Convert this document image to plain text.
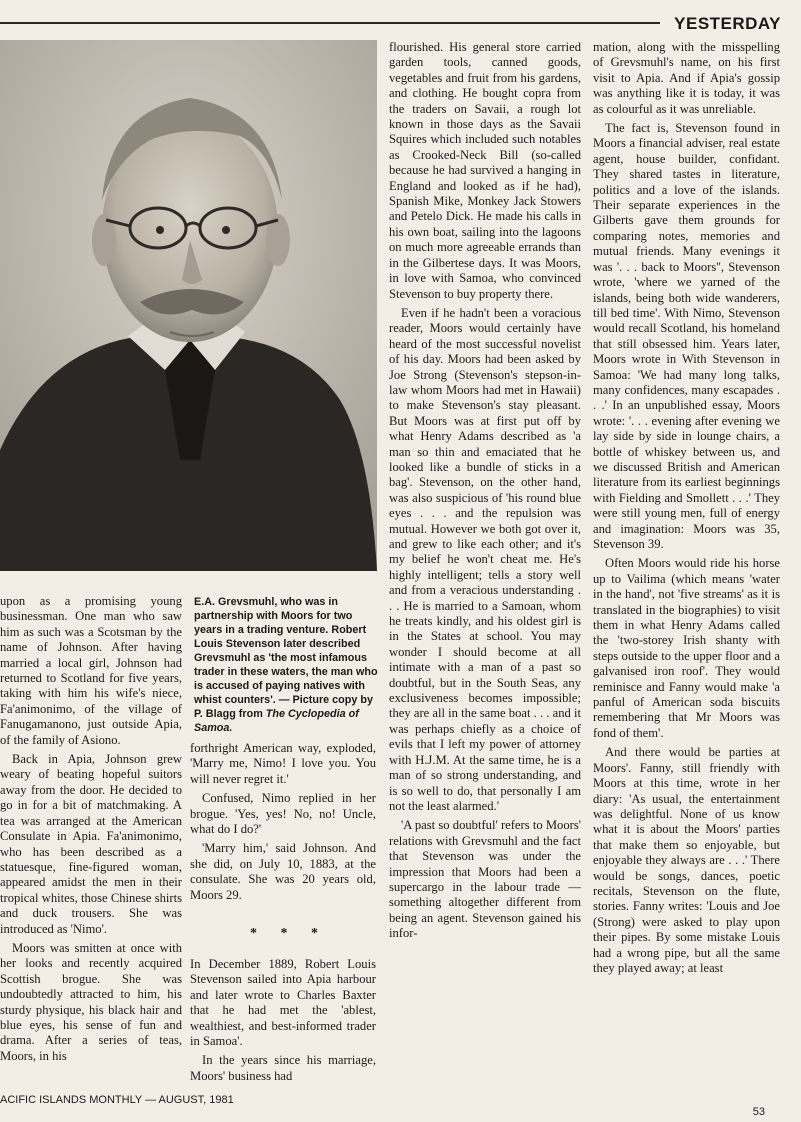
YESTERDAY

upon as a promising young businessman. One man who saw him as such was a Scotsman by the name of Johnson. After having married a local girl, Johnson had returned to Scotland for five years, taking with him his wife's niece, Fa'animonimo, of the village of Fanugamanono, just outside Apia, of the family of Asiono.

Back in Apia, Johnson grew weary of beating hopeful suitors away from the door. He decided to go in for a bit of matchmaking. A tea was arranged at the American Consulate in Apia. Fa'animonimo, who has been described as a statuesque, fine-figured woman, appeared amidst the men in their tropical whites, those Chinese shirts and duck trousers. She was introduced as 'Nimo'.

Moors was smitten at once with her looks and recently acquired Scottish brogue. She was undoubtedly attracted to him, his sturdy physique, his black hair and blue eyes, his sense of fun and drama. After a series of teas, Moors, in his

E.A. Grevsmuhl, who was in partnership with Moors for two years in a trading venture. Robert Louis Stevenson later described Grevsmuhl as 'the most infamous trader in these waters, the man who is accused of paying natives with whist counters'. — Picture copy by P. Blagg from The Cyclopedia of Samoa.

forthright American way, exploded, 'Marry me, Nimo! I love you. You will never regret it.'

Confused, Nimo replied in her brogue. 'Yes, yes! No, no! Uncle, what do I do?'

'Marry him,' said Johnson. And she did, on July 10, 1883, at the consulate. She was 20 years old, Moors 29.

* * *

In December 1889, Robert Louis Stevenson sailed into Apia harbour and later wrote to Charles Baxter that he had met the 'ablest, wealthiest, and best-informed trader in Samoa'.

In the years since his marriage, Moors' business had

flourished. His general store carried garden tools, canned goods, vegetables and fruit from his gardens, and clothing. He bought copra from the traders on Savaii, a rough lot known in those days as the Savaii Squires which included such notables as Crooked-Neck Bill (so-called because he had survived a hanging in England and looked as if he had), Spanish Mike, Monkey Jack Stowers and Petelo Dick. He made his calls in his own boat, sailing into the lagoons on much more agreeable errands than in the Gilbertese days. It was Moors, in love with Samoa, who convinced Stevenson to buy property there.

Even if he hadn't been a voracious reader, Moors would certainly have heard of the most successful novelist of his day. Moors had been asked by Joe Strong (Stevenson's stepson-in-law whom Moors had met in Hawaii) to make Stevenson's stay pleasant. But Moors was at first put off by what Henry Adams described as 'a man so thin and emaciated that he looked like a bundle of sticks in a bag'. Stevenson, on the other hand, was also suspicious of 'his round blue eyes . . . and the repulsion was mutual. However we both got over it, and grew to like each other; and it's my belief he won't cheat me. He's highly intelligent; tells a story well and from a veracious understanding . . . He is married to a Samoan, whom he treats kindly, and his oldest girl is in the States at school. You may wonder I should become at all intimate with a man of a past so doubtful, but in the South Seas, any exclusiveness becomes impossible; they are all in the same boat . . . and it was perhaps chiefly as a choice of evils that I left my power of attorney with H.J.M. At the same time, he is a man of so strong understanding, and is so well to do, that personally I am not the least alarmed.'

'A past so doubtful' refers to Moors' relations with Grevsmuhl and the fact that Stevenson was under the impression that Moors had been a supercargo in the labour trade — something altogether different from being an agent. Stevenson gained his infor-

mation, along with the misspelling of Grevsmuhl's name, on his first visit to Apia. And if Apia's gossip was anything like it is today, it was as colourful as it was unreliable.

The fact is, Stevenson found in Moors a financial adviser, real estate agent, house builder, confidant. They shared tastes in literature, politics and a love of the islands. Their separate experiences in the Gilberts gave them grounds for comparing notes, memories and mutual friends. Many evenings it was '. . . back to Moors'', Stevenson wrote, 'where we yarned of the islands, being both wide wanderers, till bed time'. With Nimo, Stevenson would recall Scotland, his homeland that still obsessed him. Years later, Moors wrote in With Stevenson in Samoa: 'We had many long talks, many confidences, many escapades . . .' In an unpublished essay, Moors wrote: '. . . evening after evening we lay side by side in lounge chairs, a bottle of whiskey between us, and we discussed British and American literature from its earliest beginnings with Fielding and Smollett . . .' They were still young men, full of energy and imagination: Moors was 35, Stevenson 39.

Often Moors would ride his horse up to Vailima (which means 'water in the hand', not 'five streams' as it is translated in the biographies) to visit them in what Henry Adams called the 'two-storey Irish shanty with steps outside to the upper floor and a galvanised iron roof'. They would reminisce and Fanny would make 'a panful of American soda biscuits remembering that Mr Moors was fond of them'.

And there would be parties at Moors'. Fanny, still friendly with Moors at this time, wrote in her diary: 'As usual, the entertainment was delightful. None of us know what it is about the Moors' parties that make them so enjoyable, but enjoyable they always are . . .' There would be songs, dances, poetic recitals, Stevenson on the flute, stories. Fanny writes: 'Louis and Joe (Strong) were asked to play upon their pipes. By some mistake Louis had a wrong pipe, but all the same they played away; at least

ACIFIC ISLANDS MONTHLY — AUGUST, 1981
53
